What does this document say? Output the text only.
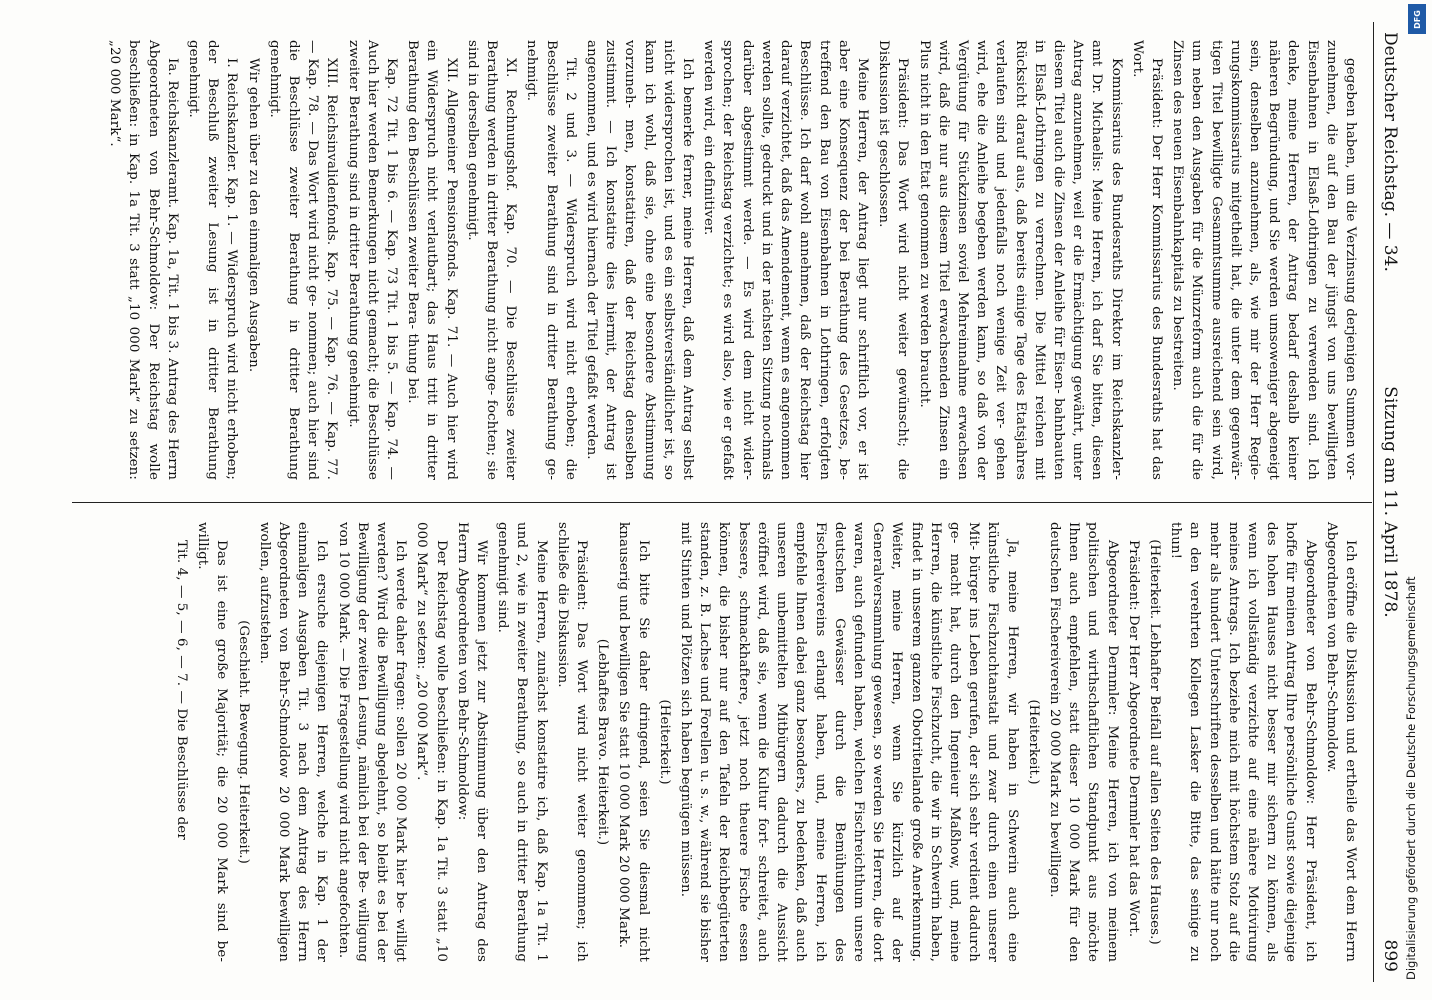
Deutscher Reichstag. — 34.
Sitzung am 11. April 1878.
899

gegeben haben, um die Verzinsung derjenigen Summen vor- zunehmen, die auf den Bau der jüngst von uns bewilligten Eisenbahnen in Elsaß-Lothringen zu verwenden sind. Ich denke, meine Herren, der Antrag bedarf deshalb keiner näheren Begründung, und Sie werden umsoweniger abgeneigt sein, denselben anzunehmen, als, wie mir der Herr Regie- rungskommissarius mitgetheilt hat, die unter dem gegenwär- tigen Titel bewilligte Gesammtsumme ausreichend sein wird, um neben den Ausgaben für die Münzreform auch die für die Zinsen des neuen Eisenbahnkapitals zu bestreiten.

Präsident: Der Herr Kommissarius des Bundesraths hat das Wort.

Kommissarius des Bundesraths Direktor im Reichskanzler- amt Dr. Michaelis: Meine Herren, ich darf Sie bitten, diesen Antrag anzunehmen, weil er die Ermächtigung gewährt, unter diesem Titel auch die Zinsen der Anleihe für Eisen- bahnbauten in Elsaß-Lothringen zu verrechnen. Die Mittel reichen mit Rücksicht darauf aus, daß bereits einige Tage des Etatsjahres verlaufen sind und jedenfalls noch wenige Zeit ver- gehen wird, ehe die Anleihe begeben werden kann, so daß von der Vergütung für Stückzinsen soviel Mehreinnahme erwachsen wird, daß die nur aus diesem Titel erwachsenden Zinsen ein Plus nicht in den Etat genommen zu werden braucht.

Präsident: Das Wort wird nicht weiter gewünscht; die Diskussion ist geschlossen.

Meine Herren, der Antrag liegt nur schriftlich vor, er ist aber eine Konsequenz der bei Berathung des Gesetzes, be- treffend den Bau von Eisenbahnen in Lothringen, erfolgten Beschlüsse. Ich darf wohl annehmen, daß der Reichstag hier darauf verzichtet, daß das Amendement, wenn es angenommen werden sollte, gedruckt und in der nächsten Sitzung nochmals darüber abgestimmt werde. — Es wird dem nicht wider- sprochen; der Reichstag verzichtet; es wird also, wie er gefaßt werden wird, ein definitiver.

Ich bemerke ferner, meine Herren, daß dem Antrag selbst nicht widersprochen ist, und es ein selbstverständlicher ist, so kann ich wohl, daß sie, ohne eine besondere Abstimmung vorzuneh- men, konstatiren, daß der Reichstag denselben zustimmt. — Ich konstatire dies hiermit, der Antrag ist angenommen, und es wird hiernach der Titel gefaßt werden.

Tit. 2 und 3. — Widerspruch wird nicht erhoben; die Beschlüsse zweiter Berathung sind in dritter Berathung ge- nehmigt.

XI. Rechnungshof. Kap. 70. — Die Beschlüsse zweiter Berathung werden in dritter Berathung nicht ange- fochten; sie sind in derselben genehmigt.

XII. Allgemeiner Pensionsfonds. Kap. 71. — Auch hier wird ein Widerspruch nicht verlautbart; das Haus tritt in dritter Berathung den Beschlüssen zweiter Bera- thung bei.

Kap. 72 Tit. 1 bis 6. — Kap. 73 Tit. 1 bis 5. — Kap. 74. — Auch hier werden Bemerkungen nicht gemacht; die Beschlüsse zweiter Berathung sind in dritter Berathung genehmigt.

XIII. Reichsinvalidenfonds. Kap. 75. — Kap. 76. — Kap. 77. — Kap. 78. — Das Wort wird nicht ge- nommen; auch hier sind die Beschlüsse zweiter Berathung in dritter Berathung genehmigt.

Wir gehen über zu den einmaligen Ausgaben.

I. Reichskanzler. Kap. 1. — Widerspruch wird nicht erhoben; der Beschluß zweiter Lesung ist in dritter Berathung genehmigt.

Ia. Reichskanzleramt. Kap. 1a, Tit. 1 bis 3. Antrag des Herrn Abgeordneten von Behr-Schmoldow: Der Reichstag wolle beschließen: in Kap. 1a Tit. 3 statt „10 000 Mark“ zu setzen: „20 000 Mark“.

Ich eröffne die Diskussion und ertheile das Wort dem Herrn Abgeordneten von Behr-Schmoldow.

Abgeordneter von Behr-Schmoldow: Herr Präsident, ich hoffe für meinen Antrag Ihre persönliche Gunst sowie diejenige des hohen Hauses nicht besser mir sichern zu können, als wenn ich vollständig verzichte auf eine nähere Motivirung meines Antrags. Ich beziehe mich mit höchstem Stolz auf die mehr als hundert Unterschriften desselben und hätte nur noch an den verehrten Kollegen Lasker die Bitte, das seinige zu thun!

(Heiterkeit. Lebhafter Beifall auf allen Seiten des Hauses.)

Präsident: Der Herr Abgeordnete Dernmler hat das Wort.

Abgeordneter Dernmler: Meine Herren, ich von meinem politischen und wirthschaftlichen Standpunkt aus möchte Ihnen auch empfehlen, statt dieser 10 000 Mark für den deutschen Fischereiverein 20 000 Mark zu bewilligen.

(Heiterkeit.)

Ja, meine Herren, wir haben in Schwerin auch eine künstliche Fischzuchtanstalt und zwar durch einen unserer Mit- bürger ins Leben gerufen, der sich sehr verdient dadurch ge- macht hat, durch den Ingenieur Maßhow, und, meine Herren, die künstliche Fischzucht, die wir in Schwerin haben, findet in unserem ganzen Obotritenlande große Anerkennung. Weiter, meine Herren, wenn Sie kürzlich auf der Generalversammlung gewesen, so werden Sie Herren, die dort waren, auch gefunden haben, welchen Fischreichthum unsere deutschen Gewässer durch die Bemühungen des Fischereivereins erlangt haben, und, meine Herren, ich empfehle Ihnen dabei ganz besonders, zu bedenken, daß auch unseren unbemittelten Mitbürgern dadurch die Aussicht eröffnet wird, daß sie, wenn die Kultur fort- schreitet, auch bessere, schmackhaftere, jetzt noch theuere Fische essen können, die bisher nur auf den Tafeln der Reichbegüterten standen, z. B. Lachse und Forellen u. s. w., während sie bisher mit Stinten und Plötzen sich haben begnügen müssen.

(Heiterkeit.)

Ich bitte Sie daher dringend, seien Sie diesmal nicht knauserig und bewilligen Sie statt 10 000 Mark 20 000 Mark.

(Lebhaftes Bravo. Heiterkeit.)

Präsident: Das Wort wird nicht weiter genommen; ich schließe die Diskussion.

Meine Herren, zunächst konstatire ich, daß Kap. 1a Tit. 1 und 2, wie in zweiter Berathung, so auch in dritter Berathung genehmigt sind.

Wir kommen jetzt zur Abstimmung über den Antrag des Herrn Abgeordneten von Behr-Schmoldow:

Der Reichstag wolle beschließen: in Kap. 1a Tit. 3 statt „10 000 Mark“ zu setzen: „20 000 Mark“.

Ich werde daher fragen: sollen 20 000 Mark hier be- willigt werden? Wird die Bewilligung abgelehnt, so bleibt es bei der Bewilligung der zweiten Lesung, nämlich bei der Be- willigung von 10 000 Mark. — Die Fragestellung wird nicht angefochten.

Ich ersuche diejenigen Herren, welche in Kap. 1 der einmaligen Ausgaben Tit. 3 nach dem Antrag des Herrn Abgeordneten von Behr-Schmoldow 20 000 Mark bewilligen wollen, aufzustehen.

(Geschieht. Bewegung. Heiterkeit.)

Das ist eine große Majorität; die 20 000 Mark sind be- willigt.

Tit. 4, — 5, — 6, — 7. — Die Beschlüsse der

DFG
Digitalisierung gefördert durch die Deutsche Forschungsgemeinschaft
